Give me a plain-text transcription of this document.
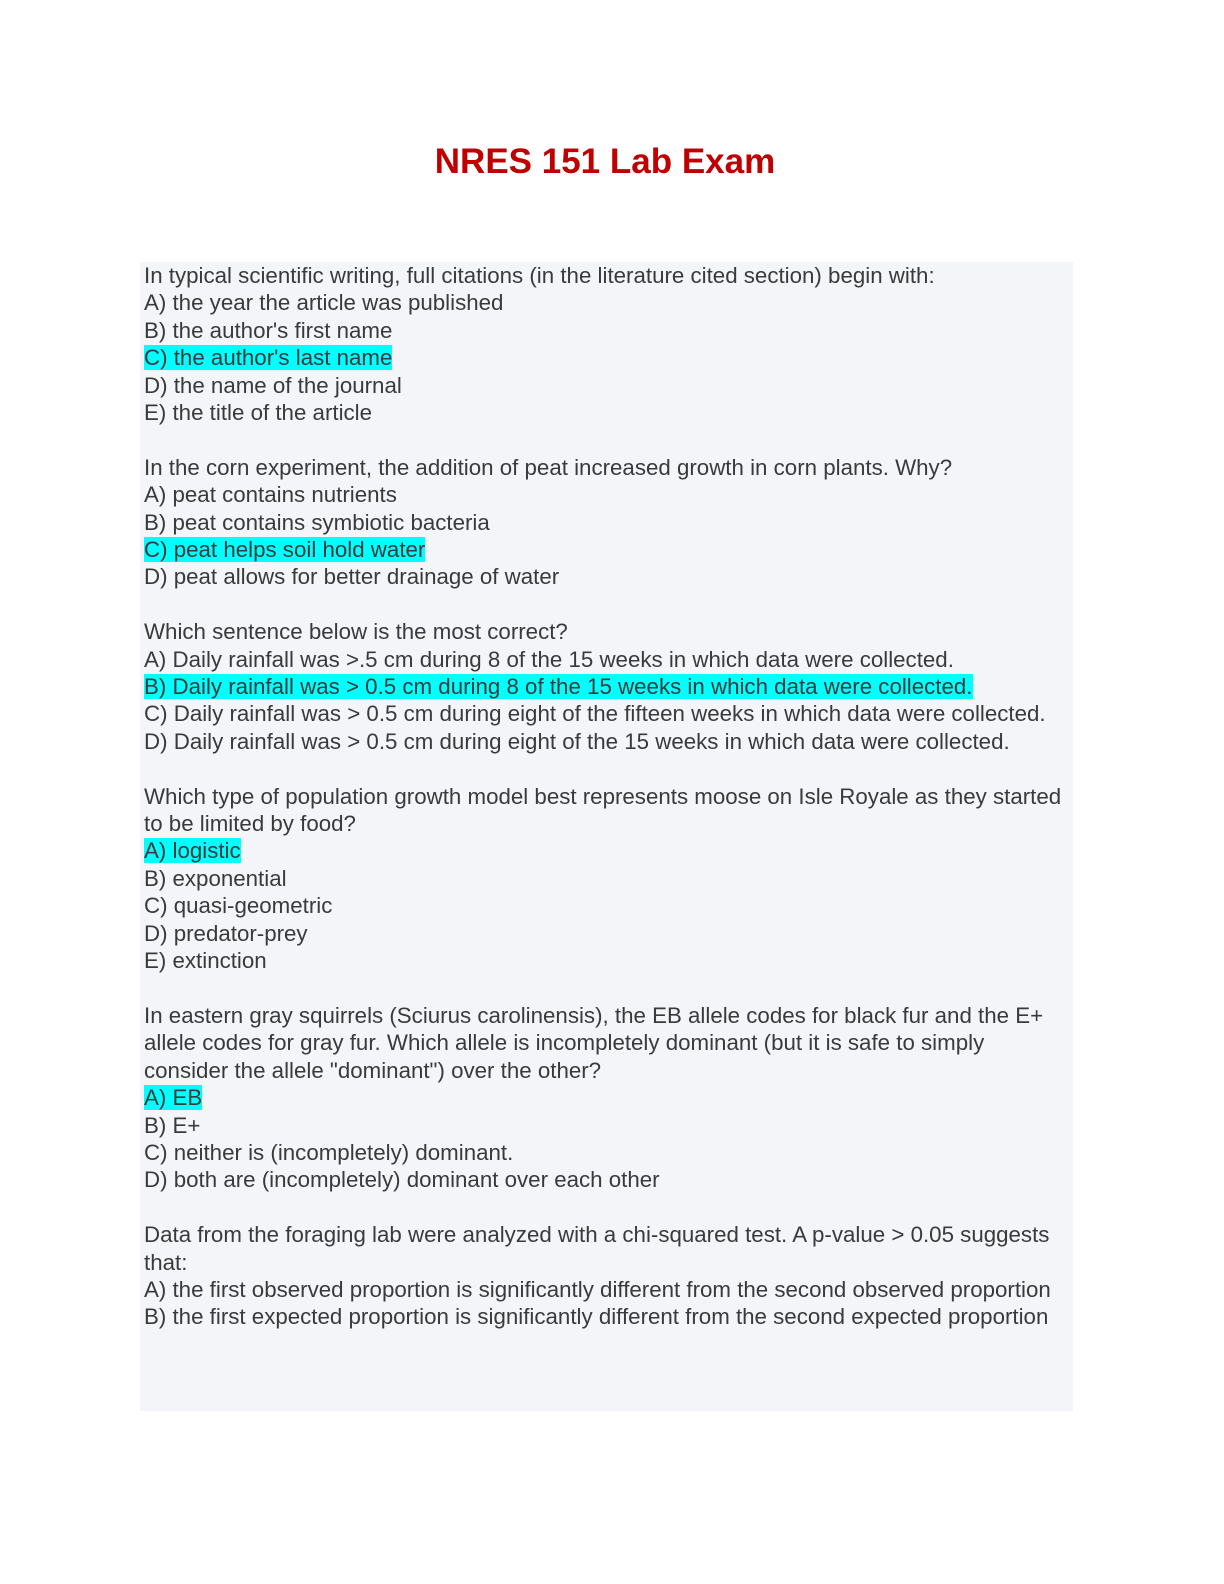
NRES 151 Lab Exam
In typical scientific writing, full citations (in the literature cited section) begin with:
A) the year the article was published
B) the author's first name
C) the author's last name
D) the name of the journal
E) the title of the article
In the corn experiment, the addition of peat increased growth in corn plants. Why?
A) peat contains nutrients
B) peat contains symbiotic bacteria
C) peat helps soil hold water
D) peat allows for better drainage of water
Which sentence below is the most correct?
A) Daily rainfall was >.5 cm during 8 of the 15 weeks in which data were collected.
B) Daily rainfall was > 0.5 cm during 8 of the 15 weeks in which data were collected.
C) Daily rainfall was > 0.5 cm during eight of the fifteen weeks in which data were collected.
D) Daily rainfall was > 0.5 cm during eight of the 15 weeks in which data were collected.
Which type of population growth model best represents moose on Isle Royale as they started to be limited by food?
A) logistic
B) exponential
C) quasi-geometric
D) predator-prey
E) extinction
In eastern gray squirrels (Sciurus carolinensis), the EB allele codes for black fur and the E+ allele codes for gray fur. Which allele is incompletely dominant (but it is safe to simply consider the allele "dominant") over the other?
A) EB
B) E+
C) neither is (incompletely) dominant.
D) both are (incompletely) dominant over each other
Data from the foraging lab were analyzed with a chi-squared test. A p-value > 0.05 suggests that:
A) the first observed proportion is significantly different from the second observed proportion
B) the first expected proportion is significantly different from the second expected proportion
